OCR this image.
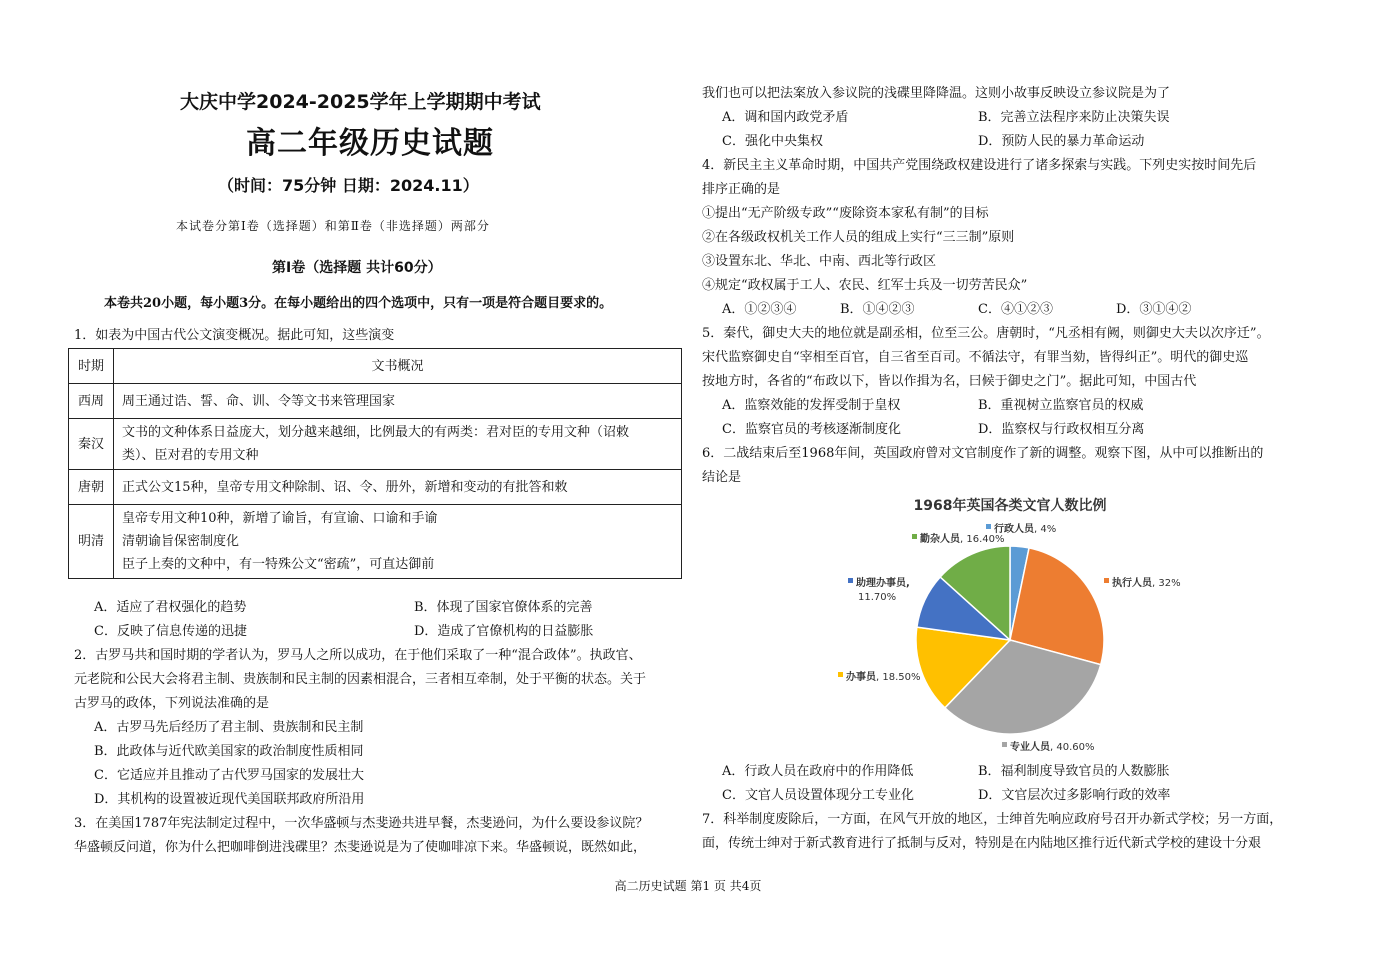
大庆中学2024-2025学年上学期期中考试
高二年级历史试题
（时间：75分钟 日期：2024.11）
本试卷分第Ⅰ卷（选择题）和第Ⅱ卷（非选择题）两部分
第Ⅰ卷（选择题 共计60分）
本卷共20小题，每小题3分。在每小题给出的四个选项中，只有一项是符合题目要求的。
1．如表为中国古代公文演变概况。据此可知，这些演变
时期	文书概况
西周	周王通过诰、誓、命、训、令等文书来管理国家

秦汉	文书的文种体系日益庞大，划分越来越细，比例最大的有两类：君对臣的专用文种（诏敕
类）、臣对君的专用文种

唐朝	正式公文15种，皇帝专用文种除制、诏、令、册外，新增和变动的有批答和敕

明清	皇帝专用文种10种，新增了谕旨，有宣谕、口谕和手谕
清朝谕旨保密制度化
臣子上奏的文种中，有一特殊公文“密疏”，可直达御前
A．适应了君权强化的趋势	B．体现了国家官僚体系的完善
C．反映了信息传递的迅捷	D．造成了官僚机构的日益膨胀
2．古罗马共和国时期的学者认为，罗马人之所以成功，在于他们采取了一种“混合政体”。执政官、
元老院和公民大会将君主制、贵族制和民主制的因素相混合，三者相互牵制，处于平衡的状态。关于
古罗马的政体，下列说法准确的是
A．古罗马先后经历了君主制、贵族制和民主制
B．此政体与近代欧美国家的政治制度性质相同
C．它适应并且推动了古代罗马国家的发展壮大
D．其机构的设置被近现代美国联邦政府所沿用
3．在美国1787年宪法制定过程中，一次华盛顿与杰斐逊共进早餐，杰斐逊问，为什么要设参议院？
华盛顿反问道，你为什么把咖啡倒进浅碟里？杰斐逊说是为了使咖啡凉下来。华盛顿说，既然如此，
我们也可以把法案放入参议院的浅碟里降降温。这则小故事反映设立参议院是为了
A．调和国内政党矛盾	B．完善立法程序来防止决策失误
C．强化中央集权	D．预防人民的暴力革命运动
4．新民主主义革命时期，中国共产党围绕政权建设进行了诸多探索与实践。下列史实按时间先后
排序正确的是
①提出“无产阶级专政”“废除资本家私有制”的目标
②在各级政权机关工作人员的组成上实行“三三制”原则
③设置东北、华北、中南、西北等行政区
④规定“政权属于工人、农民、红军士兵及一切劳苦民众”
A．①②③④	B．①④②③	C．④①②③	D．③①④②
5．秦代，御史大夫的地位就是副丞相，位至三公。唐朝时，“凡丞相有阙，则御史大夫以次序迁”。
宋代监察御史自“宰相至百官，自三省至百司。不循法守，有罪当劾，皆得纠正”。明代的御史巡
按地方时，各省的“布政以下，皆以作揖为名，曰候于御史之门”。据此可知，中国古代
A．监察效能的发挥受制于皇权	B．重视树立监察官员的权威
C．监察官员的考核逐渐制度化	D．监察权与行政权相互分离
6．二战结束后至1968年间，英国政府曾对文官制度作了新的调整。观察下图，从中可以推断出的
结论是
1968年英国各类文官人数比例
行政人员, 4%
执行人员, 32%
专业人员, 40.60%
办事员, 18.50%
助理办事员, 11.70%
勤杂人员, 16.40%
A．行政人员在政府中的作用降低	B．福利制度导致官员的人数膨胀
C．文官人员设置体现分工专业化	D．文官层次过多影响行政的效率
7．科举制度废除后，一方面，在风气开放的地区，士绅首先响应政府号召开办新式学校；另一方面，
面，传统士绅对于新式教育进行了抵制与反对，特别是在内陆地区推行近代新式学校的建设十分艰
高二历史试题 第1 页 共4页
